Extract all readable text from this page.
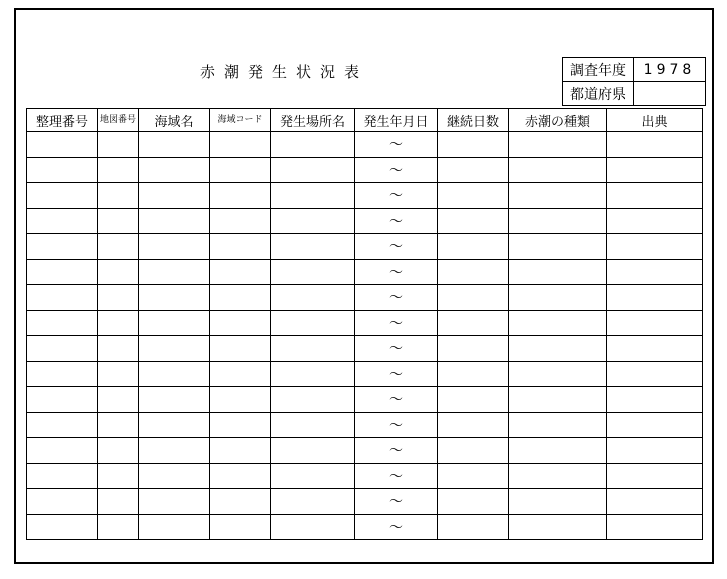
赤潮発生状況表	調査年度	1978
都道府県	
整理番号	地図番号	海域名	海域コード	発生場所名	発生年月日	継続日数	赤潮の種類	出典
					〜			
					〜			
					〜			
					〜			
					〜			
					〜			
					〜			
					〜			
					〜			
					〜			
					〜			
					〜			
					〜			
					〜			
					〜			
					〜			
